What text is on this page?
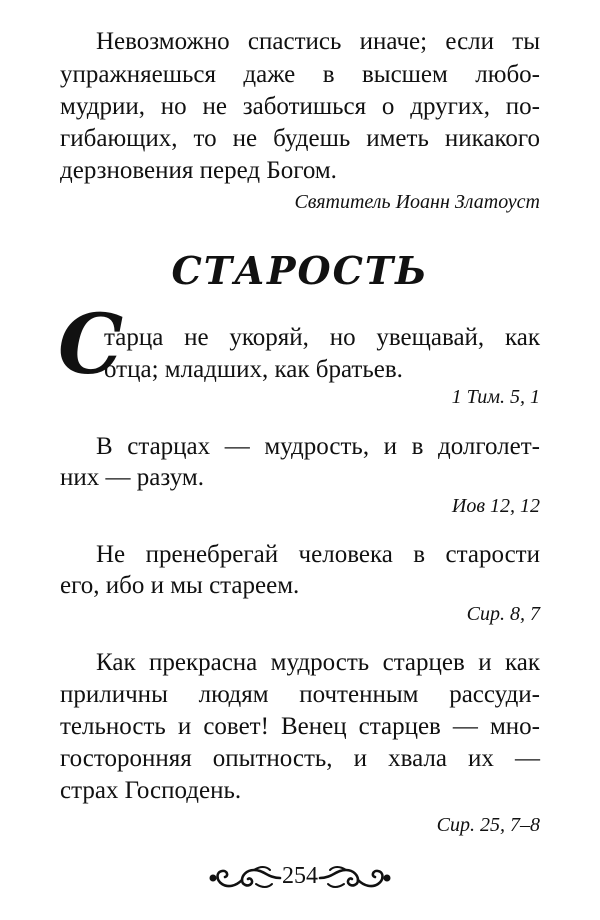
Невозможно спастись иначе; если ты
упражняешься даже в высшем любо-
мудрии, но не заботишься о других, по-
гибающих, то не будешь иметь никакого
дерзновения перед Богом.
Святитель Иоанн Златоуст
СТАРОСТЬ
С
тарца не укоряй, но увещавай, как
отца; младших, как братьев.
1 Тим. 5, 1
В старцах — мудрость, и в долголет-
них — разум.
Иов 12, 12
Не пренебрегай человека в старости
его, ибо и мы стареем.
Сир. 8, 7
Как прекрасна мудрость старцев и как
приличны людям почтенным рассуди-
тельность и совет! Венец старцев — мно-
госторонняя опытность, и хвала их —
страх Господень.
Сир. 25, 7–8
254
